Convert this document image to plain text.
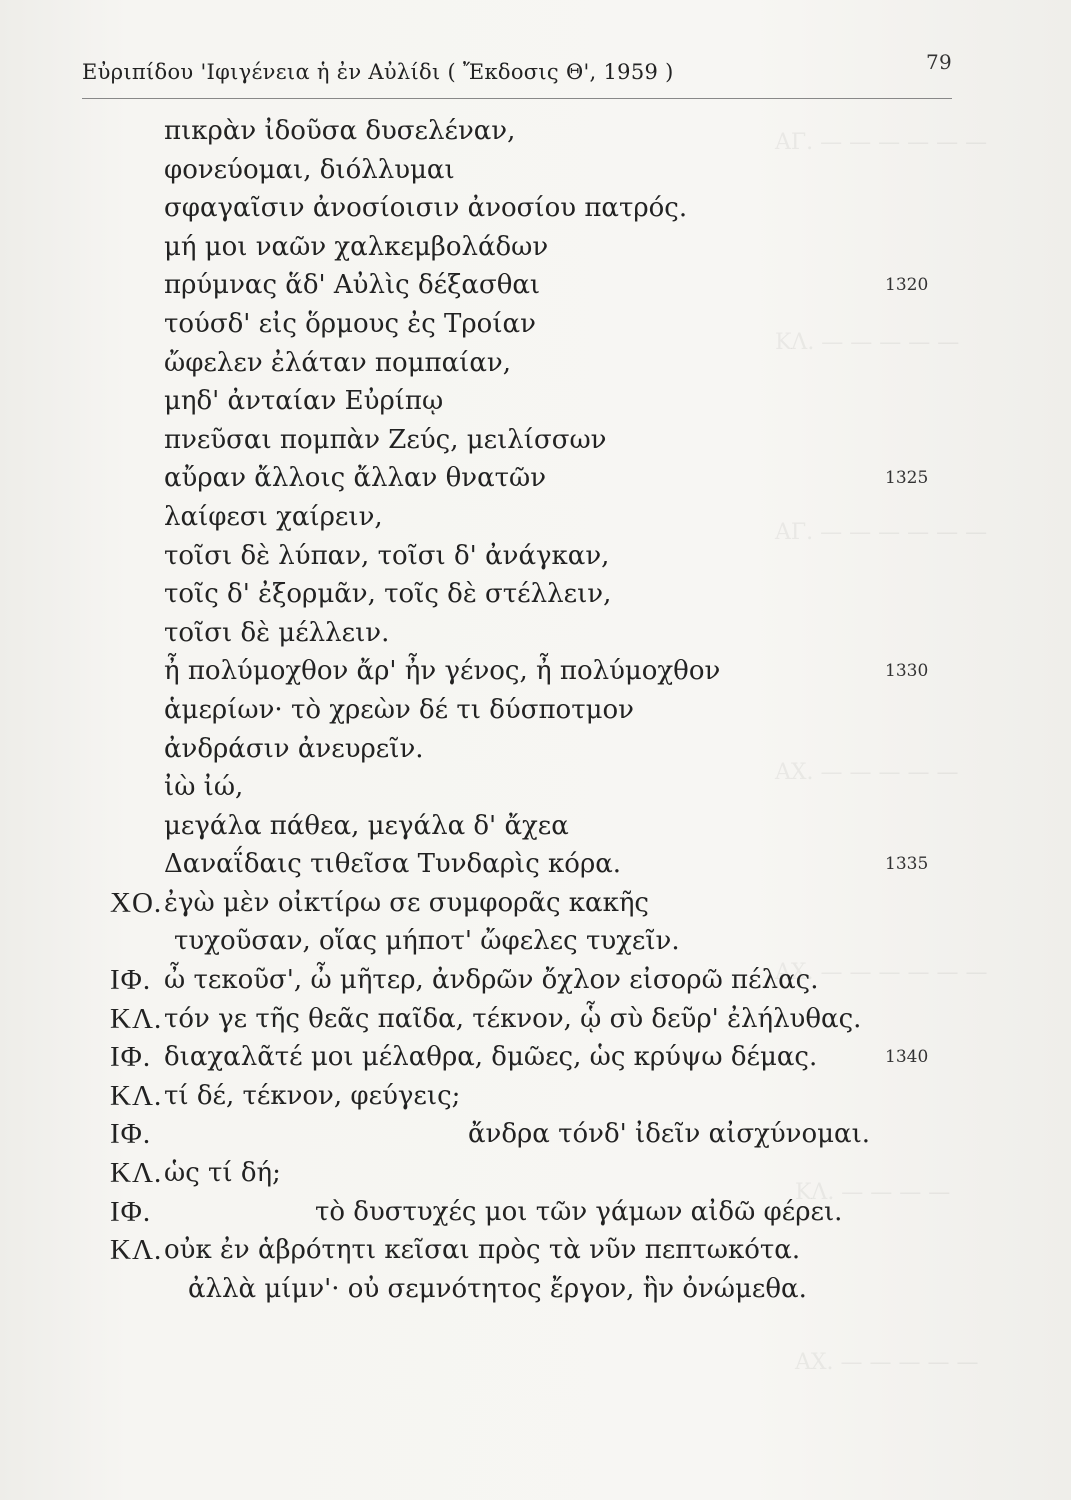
ΑΓ. — — — — — —
ΚΛ. — — — — —
ΑΓ. — — — — — —
ΑΧ. — — — — —
ΑΧ. — — — — — —
ΚΛ. — — — —
ΑΧ. — — — — —
Εὐριπίδου 'Ιφιγένεια ἡ ἐν Αὐλίδι ( Ἔκδοσις Θ', 1959 )	79
πικρὰν ἰδοῦσα δυσελέναν,
φονεύομαι, διόλλυμαι
σφαγαῖσιν ἀνοσίοισιν ἀνοσίου πατρός.
μή μοι ναῶν χαλκεμβολάδων
πρύμνας ἅδ' Αὐλὶς δέξασθαι	1320
τούσδ' εἰς ὅρμους ἐς Τροίαν
ὤφελεν ἐλάταν πομπαίαν,
μηδ' ἀνταίαν Εὐρίπῳ
πνεῦσαι πομπὰν Ζεύς, μειλίσσων
αὔραν ἄλλοις ἄλλαν θνατῶν	1325
λαίφεσι χαίρειν,
τοῖσι δὲ λύπαν, τοῖσι δ' ἀνάγκαν,
τοῖς δ' ἐξορμᾶν, τοῖς δὲ στέλλειν,
τοῖσι δὲ μέλλειν.
ἦ πολύμοχθον ἄρ' ἦν γένος, ἦ πολύμοχθον	1330
ἁμερίων· τὸ χρεὼν δέ τι δύσποτμον
ἀνδράσιν ἀνευρεῖν.
ἰὼ ἰώ,
μεγάλα πάθεα, μεγάλα δ' ἄχεα
Δαναΐδαις τιθεῖσα Τυνδαρὶς κόρα.	1335
ΧΟ. ἐγὼ μὲν οἰκτίρω σε συμφορᾶς κακῆς
τυχοῦσαν, οἵας μήποτ' ὤφελες τυχεῖν.
ΙΦ. ὦ τεκοῦσ', ὦ μῆτερ, ἀνδρῶν ὄχλον εἰσορῶ πέλας.
ΚΛ. τόν γε τῆς θεᾶς παῖδα, τέκνον, ᾧ σὺ δεῦρ' ἐλήλυθας.
ΙΦ. διαχαλᾶτέ μοι μέλαθρα, δμῶες, ὡς κρύψω δέμας.	1340
ΚΛ. τί δέ, τέκνον, φεύγεις;
ΙΦ.	ἄνδρα τόνδ' ἰδεῖν αἰσχύνομαι.
ΚΛ. ὡς τί δή;
ΙΦ.	τὸ δυστυχές μοι τῶν γάμων αἰδῶ φέρει.
ΚΛ. οὐκ ἐν ἁβρότητι κεῖσαι πρὸς τὰ νῦν πεπτωκότα.
ἀλλὰ μίμν'· οὐ σεμνότητος ἔργον, ἣν ὀνώμεθα.
